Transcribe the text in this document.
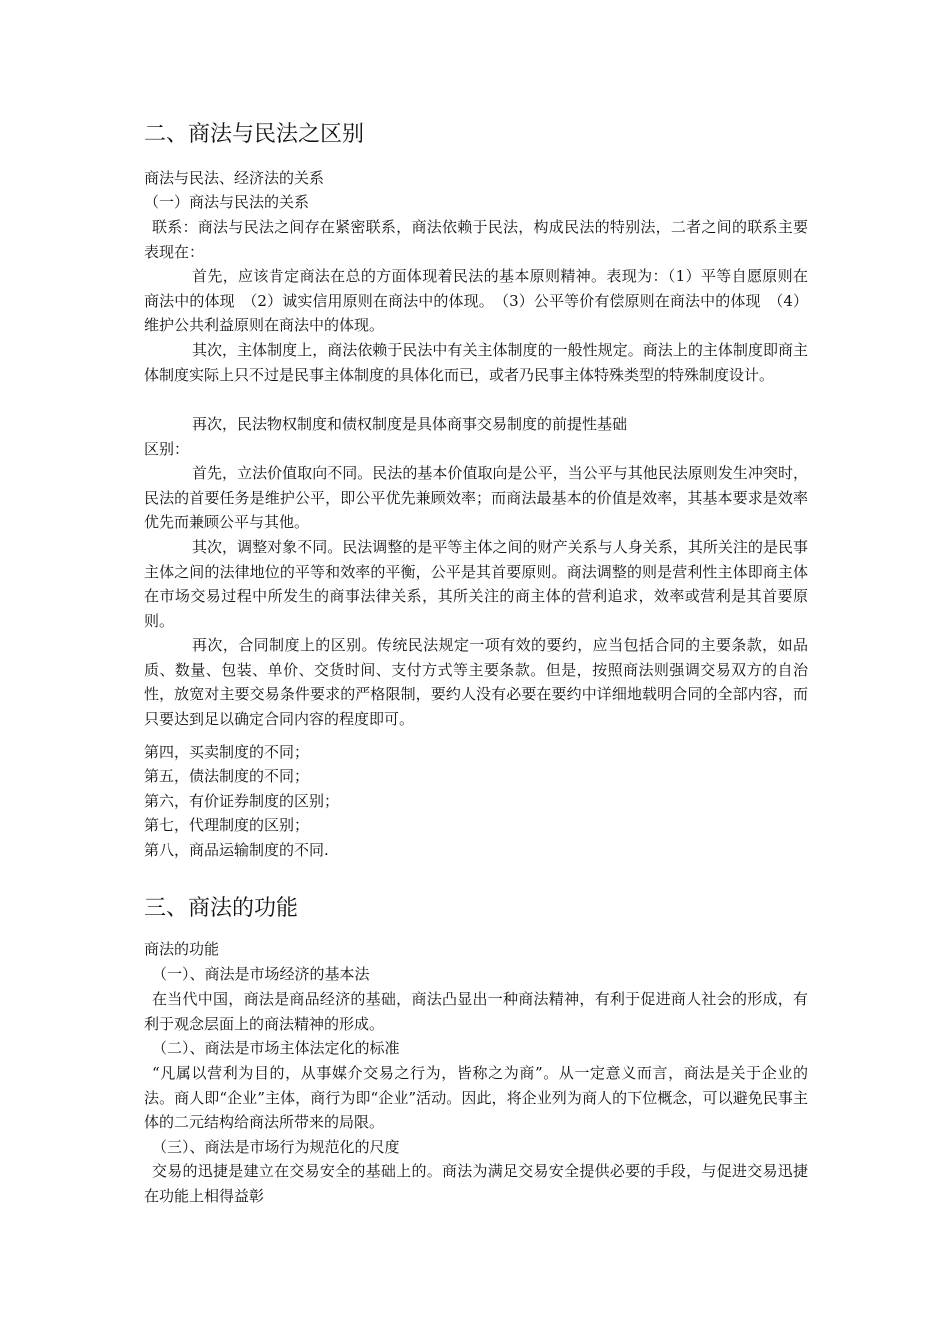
二、商法与民法之区别
商法与民法、经济法的关系
（一）商法与民法的关系
联系：商法与民法之间存在紧密联系，商法依赖于民法，构成民法的特别法，二者之间的联系主要表现在：
首先，应该肯定商法在总的方面体现着民法的基本原则精神。表现为：（1）平等自愿原则在商法中的体现　（2）诚实信用原则在商法中的体现。　（3）公平等价有偿原则在商法中的体现　（4）维护公共利益原则在商法中的体现。
其次，主体制度上，商法依赖于民法中有关主体制度的一般性规定。商法上的主体制度即商主体制度实际上只不过是民事主体制度的具体化而已，或者乃民事主体特殊类型的特殊制度设计。
再次，民法物权制度和债权制度是具体商事交易制度的前提性基础
区别：
首先，立法价值取向不同。民法的基本价值取向是公平，当公平与其他民法原则发生冲突时，民法的首要任务是维护公平，即公平优先兼顾效率；而商法最基本的价值是效率，其基本要求是效率优先而兼顾公平与其他。
其次，调整对象不同。民法调整的是平等主体之间的财产关系与人身关系，其所关注的是民事主体之间的法律地位的平等和效率的平衡，公平是其首要原则。商法调整的则是营利性主体即商主体在市场交易过程中所发生的商事法律关系，其所关注的商主体的营利追求，效率或营利是其首要原则。
再次，合同制度上的区别。传统民法规定一项有效的要约，应当包括合同的主要条款，如品质、数量、包装、单价、交货时间、支付方式等主要条款。但是，按照商法则强调交易双方的自治性，放宽对主要交易条件要求的严格限制，要约人没有必要在要约中详细地载明合同的全部内容，而只要达到足以确定合同内容的程度即可。
第四，买卖制度的不同；
第五，债法制度的不同；
第六，有价证券制度的区别；
第七，代理制度的区别；
第八，商品运输制度的不同.
三、商法的功能
商法的功能
（一）、商法是市场经济的基本法
在当代中国，商法是商品经济的基础，商法凸显出一种商法精神，有利于促进商人社会的形成，有利于观念层面上的商法精神的形成。
（二）、商法是市场主体法定化的标准
“凡属以营利为目的，从事媒介交易之行为，皆称之为商”。从一定意义而言，商法是关于企业的法。商人即“企业”主体，商行为即“企业”活动。因此，将企业列为商人的下位概念，可以避免民事主体的二元结构给商法所带来的局限。
（三）、商法是市场行为规范化的尺度
交易的迅捷是建立在交易安全的基础上的。商法为满足交易安全提供必要的手段，与促进交易迅捷在功能上相得益彰
